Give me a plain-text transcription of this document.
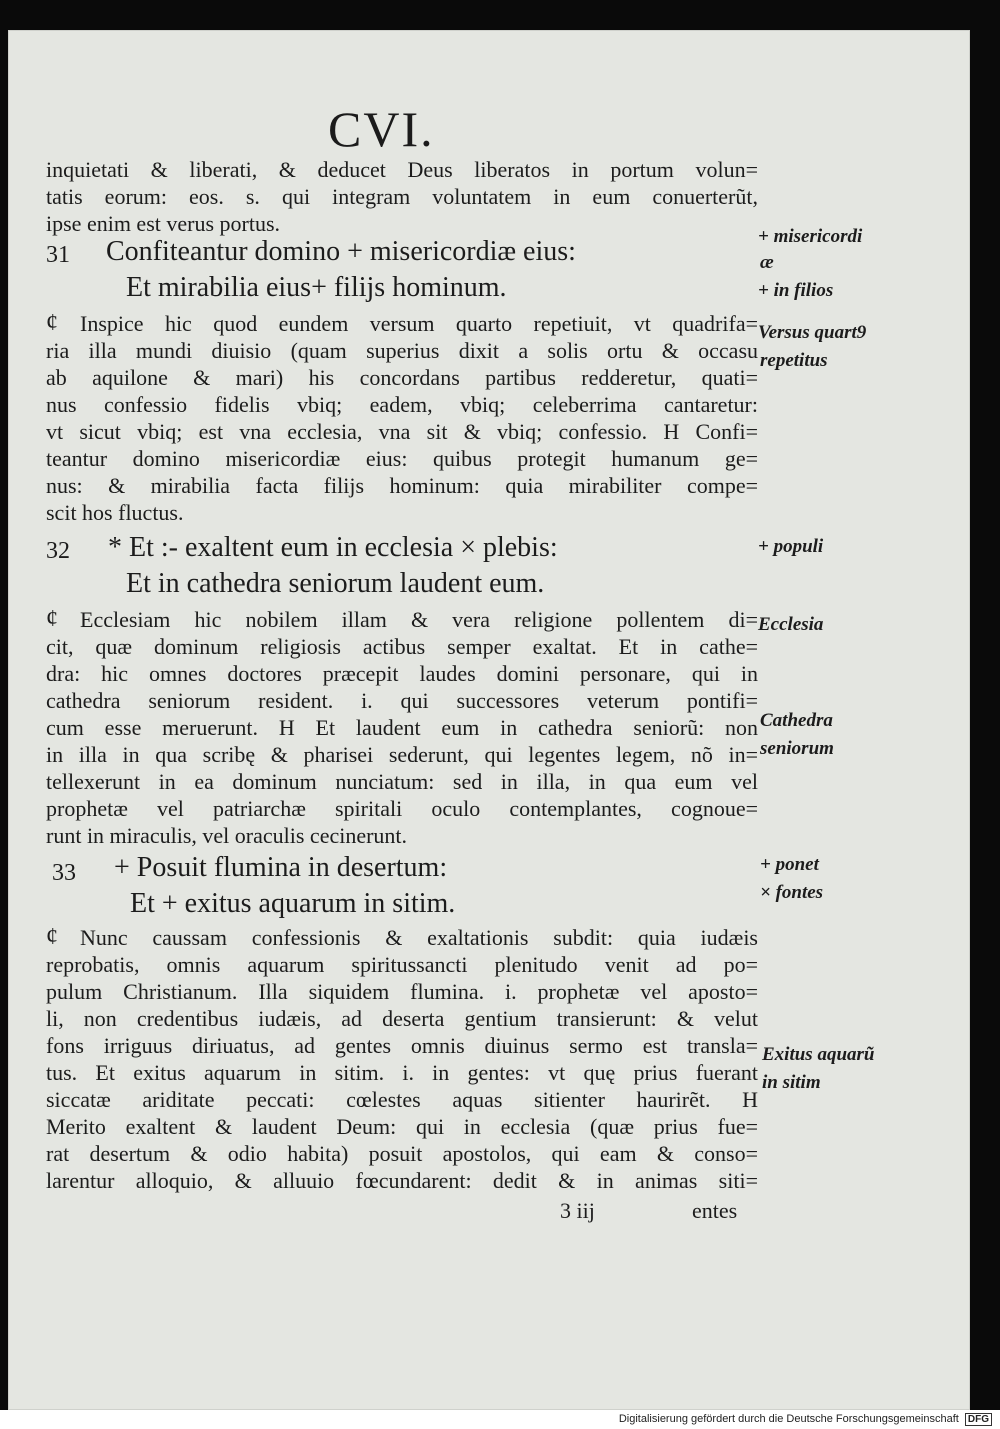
CVI.
inquietati & liberati, & deducet Deus liberatos in portum volun=
tatis eorum: eos. s. qui integram voluntatem in eum conuerterũt,
ipse enim est verus portus.
31 Confiteantur domino + misericordiæ eius:
Et mirabilia eius+ filijs hominum.
Inspice hic quod eundem versum quarto repetiuit, vt quadrifa=
ria illa mundi diuisio (quam superius dixit a solis ortu & occasu
ab aquilone & mari) his concordans partibus redderetur, quati=
nus confessio fidelis vbiq; eadem, vbiq; celeberrima cantaretur:
vt sicut vbiq; est vna ecclesia, vna sit & vbiq; confessio. H Confi=
teantur domino misericordiæ eius: quibus protegit humanum ge=
nus: & mirabilia facta filijs hominum: quia mirabiliter compe=
scit hos fluctus.
¢
32 * Et :- exaltent eum in ecclesia × plebis:
Et in cathedra seniorum laudent eum.
Ecclesiam hic nobilem illam & vera religione pollentem di=
cit, quæ dominum religiosis actibus semper exaltat. Et in cathe=
dra: hic omnes doctores præcepit laudes domini personare, qui in
cathedra seniorum resident. i. qui successores veterum pontifi=
cum esse meruerunt. H Et laudent eum in cathedra seniorũ: non
in illa in qua scribę & pharisei sederunt, qui legentes legem, nõ in=
tellexerunt in ea dominum nunciatum: sed in illa, in qua eum vel
prophetæ vel patriarchæ spiritali oculo contemplantes, cognoue=
runt in miraculis, vel oraculis cecinerunt.
¢
33 + Posuit flumina in desertum:
Et + exitus aquarum in sitim.
Nunc caussam confessionis & exaltationis subdit: quia iudæis
reprobatis, omnis aquarum spiritussancti plenitudo venit ad po=
pulum Christianum. Illa siquidem flumina. i. prophetæ vel aposto=
li, non credentibus iudæis, ad deserta gentium transierunt: & velut
fons irriguus diriuatus, ad gentes omnis diuinus sermo est transla=
tus. Et exitus aquarum in sitim. i. in gentes: vt quę prius fuerant
siccatæ ariditate peccati: cœlestes aquas sitienter haurirẽt. H
Merito exaltent & laudent Deum: qui in ecclesia (quæ prius fue=
rat desertum & odio habita) posuit apostolos, qui eam & conso=
larentur alloquio, & alluuio fœcundarent: dedit & in animas siti=
¢
3 iij	entes
+ misericordi
æ
+ in filios
Versus quart9
repetitus
+ populi
Ecclesia
Cathedra
seniorum
+ ponet
× fontes
Exitus aquarũ
in sitim
Digitalisierung gefördert durch die Deutsche Forschungsgemeinschaft DFG
